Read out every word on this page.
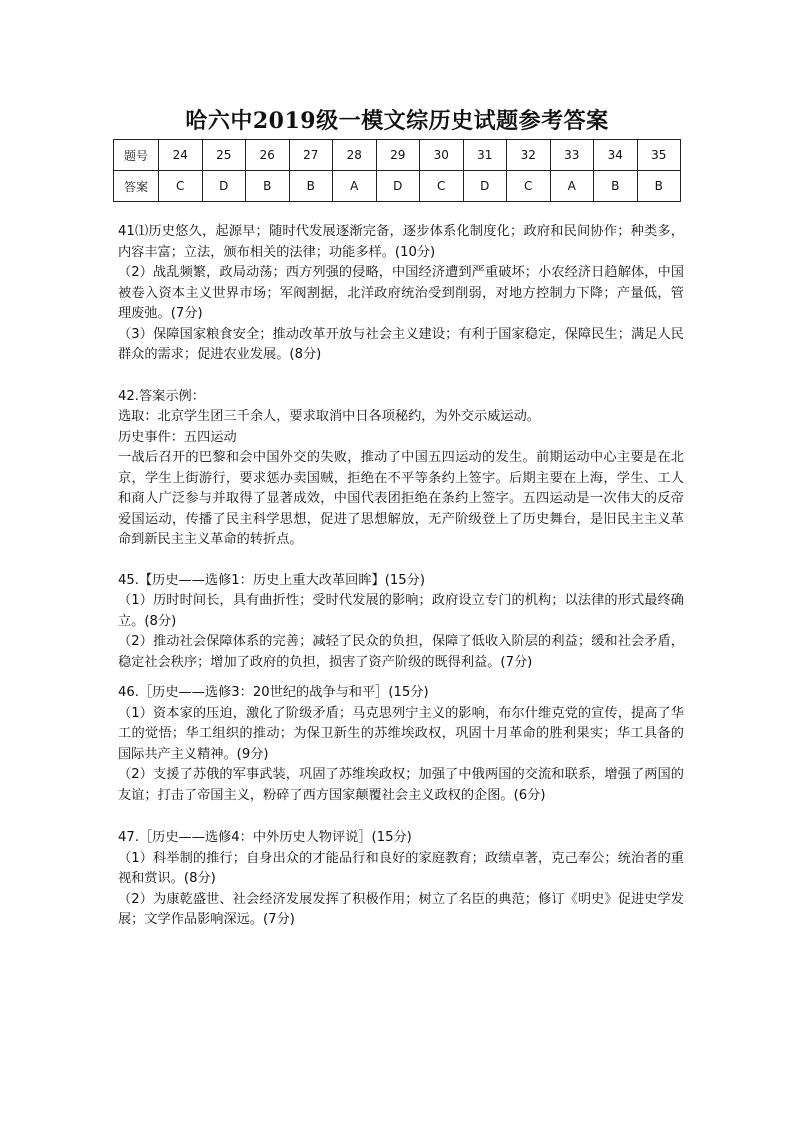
哈六中2019级一模文综历史试题参考答案
题号	24	25	26	27	28	29	30	31	32	33	34	35
答案	C	D	B	B	A	D	C	D	C	A	B	B

41⑴历史悠久，起源早；随时代发展逐渐完备，逐步体系化制度化；政府和民间协作；种类多，内容丰富；立法，颁布相关的法律；功能多样。(10分)

（2）战乱频繁，政局动荡；西方列强的侵略，中国经济遭到严重破坏；小农经济日趋解体，中国被卷入资本主义世界市场；军阀割据，北洋政府统治受到削弱，对地方控制力下降；产量低，管理废弛。(7分)

（3）保障国家粮食安全；推动改革开放与社会主义建设；有利于国家稳定，保障民生；满足人民群众的需求；促进农业发展。(8分)

42.答案示例：

选取：北京学生团三千余人，要求取消中日各项秘约，为外交示威运动。

历史事件：五四运动

一战后召开的巴黎和会中国外交的失败，推动了中国五四运动的发生。前期运动中心主要是在北京，学生上街游行，要求惩办卖国贼，拒绝在不平等条约上签字。后期主要在上海，学生、工人和商人广泛参与并取得了显著成效，中国代表团拒绝在条约上签字。五四运动是一次伟大的反帝爱国运动，传播了民主科学思想，促进了思想解放，无产阶级登上了历史舞台，是旧民主主义革命到新民主主义革命的转折点。

45.【历史——选修1：历史上重大改革回眸】(15分)

（1）历时时间长，具有曲折性；受时代发展的影响；政府设立专门的机构；以法律的形式最终确立。(8分)

（2）推动社会保障体系的完善；减轻了民众的负担，保障了低收入阶层的利益；缓和社会矛盾，稳定社会秩序；增加了政府的负担，损害了资产阶级的既得利益。(7分)

46.［历史——选修3：20世纪的战争与和平］(15分)

（1）资本家的压迫，激化了阶级矛盾；马克思列宁主义的影响，布尔什维克党的宣传，提高了华工的觉悟；华工组织的推动；为保卫新生的苏维埃政权，巩固十月革命的胜利果实；华工具备的国际共产主义精神。(9分)

（2）支援了苏俄的军事武装，巩固了苏维埃政权；加强了中俄两国的交流和联系，增强了两国的友谊；打击了帝国主义，粉碎了西方国家颠覆社会主义政权的企图。(6分)

47.［历史——选修4：中外历史人物评说］(15分)

（1）科举制的推行；自身出众的才能品行和良好的家庭教育；政绩卓著，克己奉公；统治者的重视和赏识。(8分)

（2）为康乾盛世、社会经济发展发挥了积极作用；树立了名臣的典范；修订《明史》促进史学发展；文学作品影响深远。(7分)
